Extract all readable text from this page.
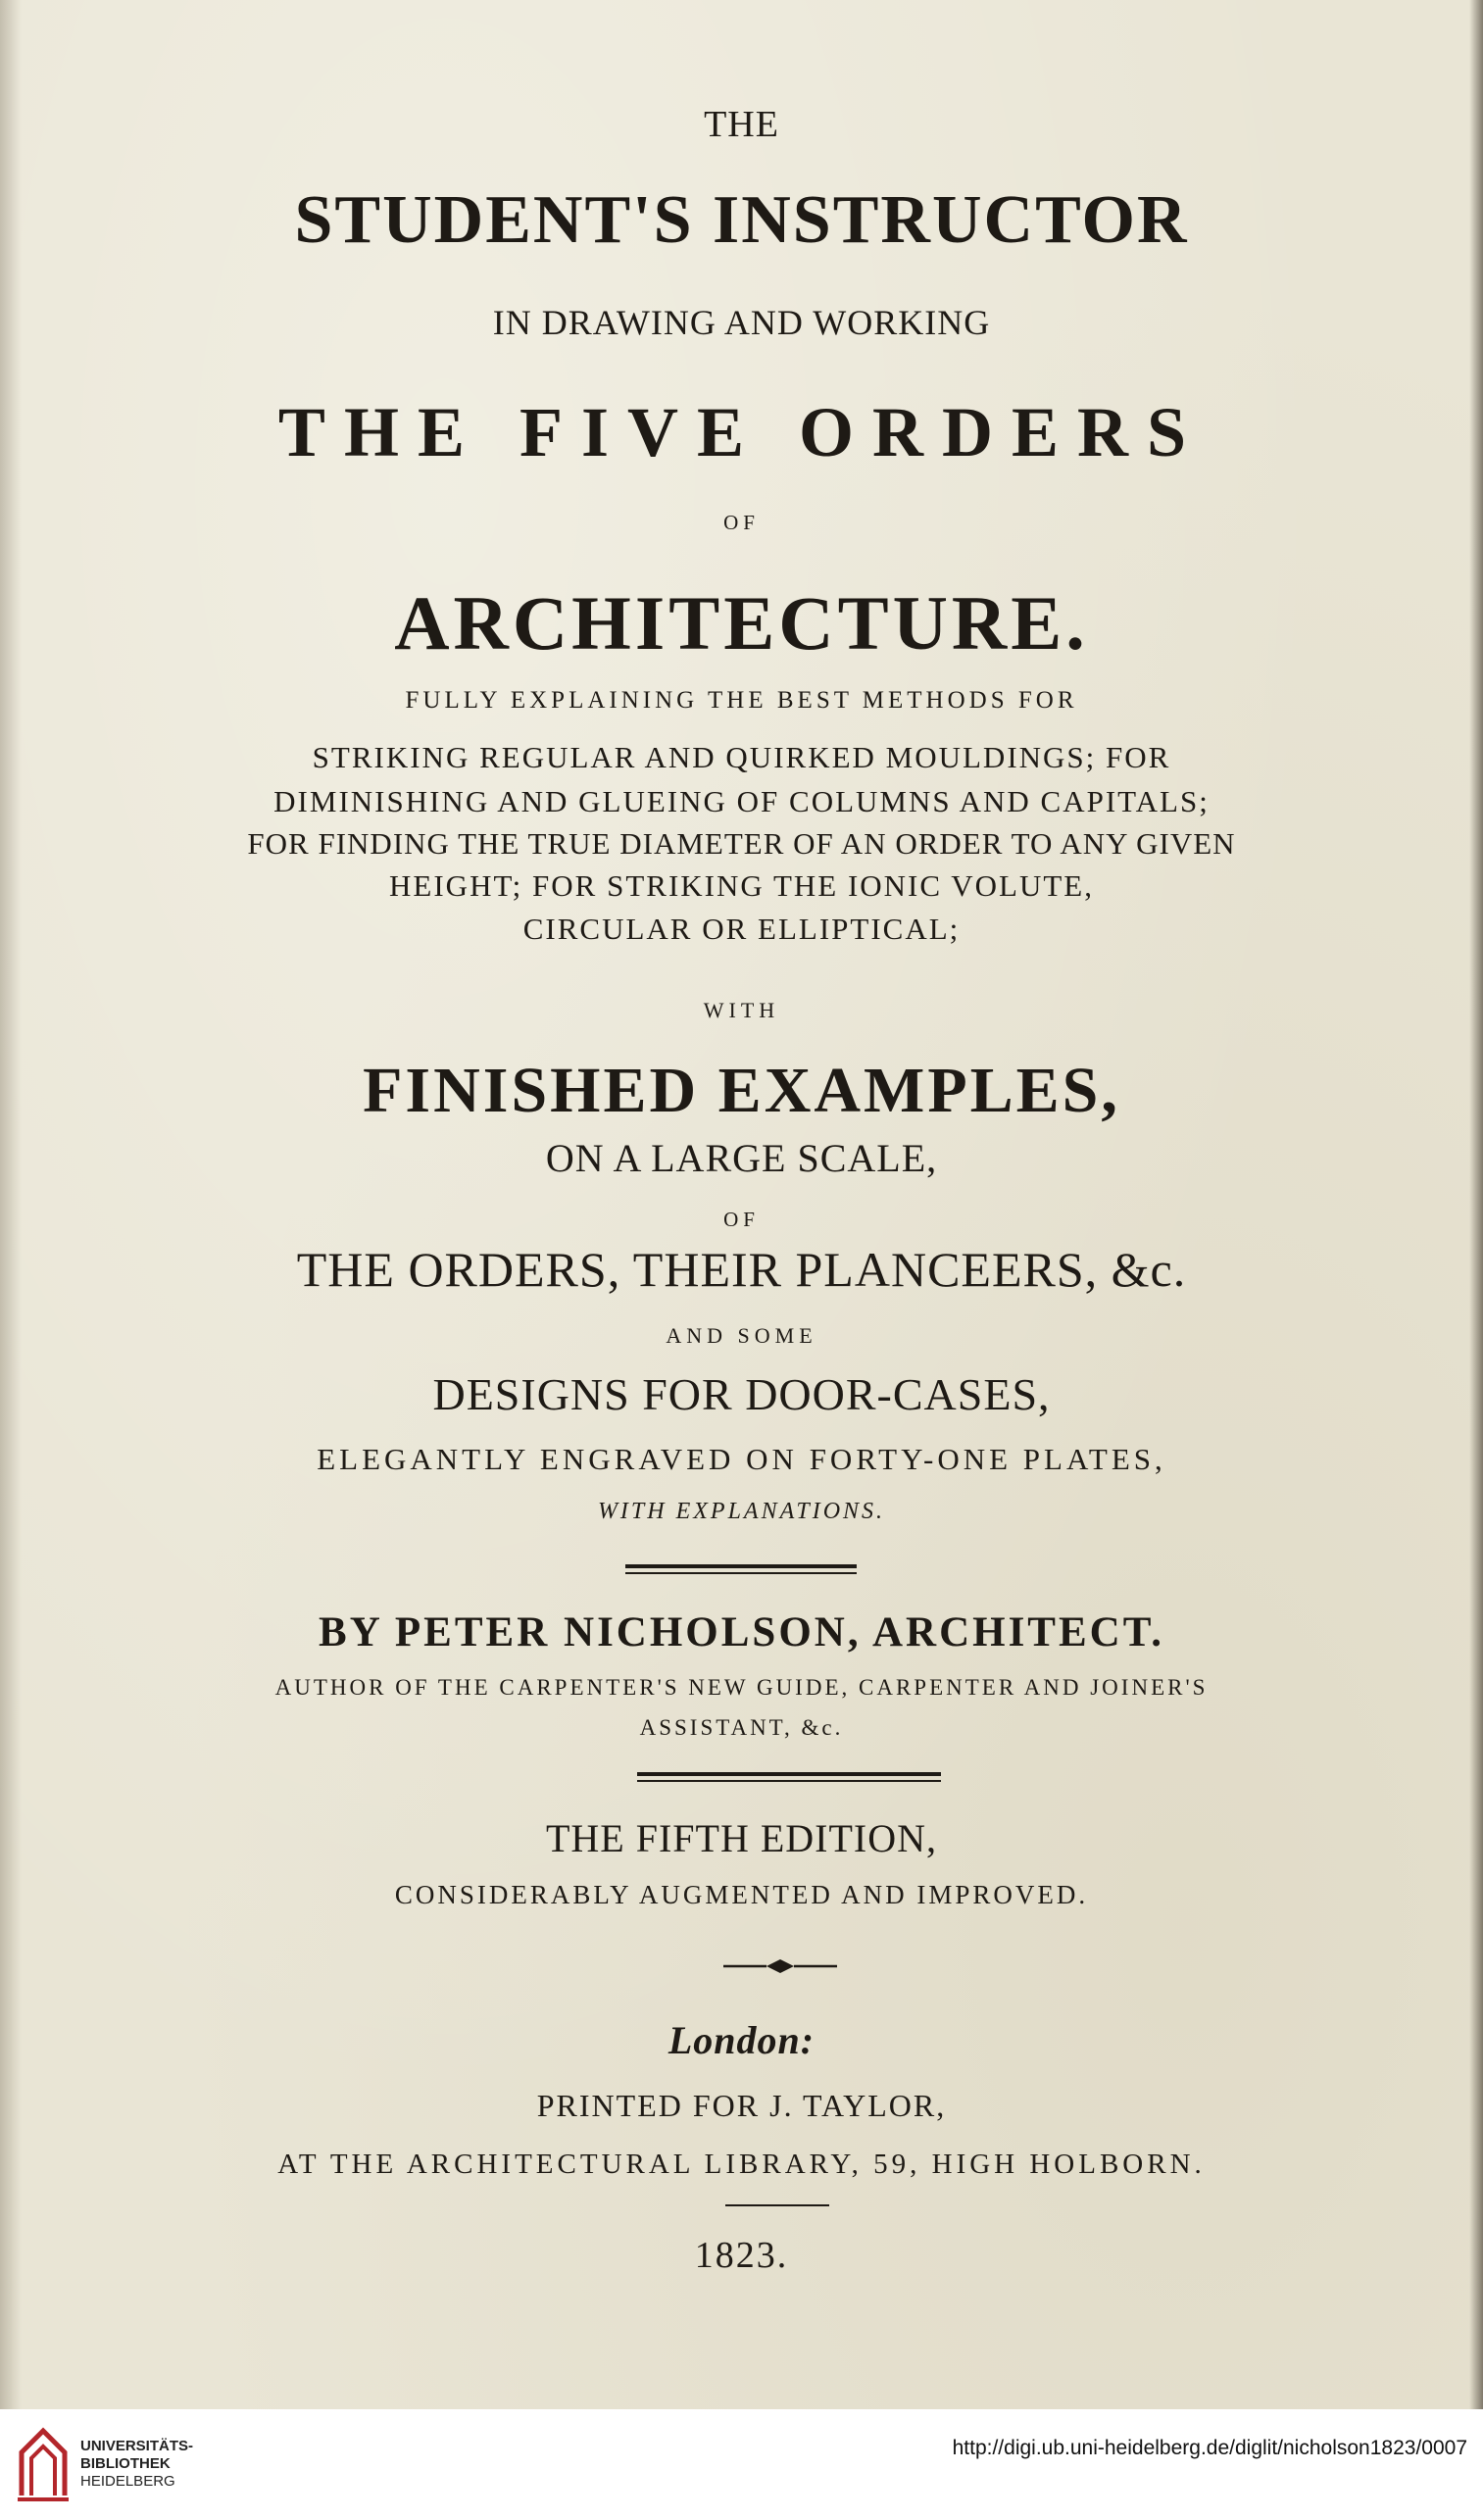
THE
STUDENT'S INSTRUCTOR
IN DRAWING AND WORKING
THE FIVE ORDERS
OF
ARCHITECTURE.
FULLY EXPLAINING THE BEST METHODS FOR
STRIKING REGULAR AND QUIRKED MOULDINGS; FOR
DIMINISHING AND GLUEING OF COLUMNS AND CAPITALS;
FOR FINDING THE TRUE DIAMETER OF AN ORDER TO ANY GIVEN
HEIGHT; FOR STRIKING THE IONIC VOLUTE,
CIRCULAR OR ELLIPTICAL;
WITH
FINISHED EXAMPLES,
ON A LARGE SCALE,
OF
THE ORDERS, THEIR PLANCEERS, &c.
AND SOME
DESIGNS FOR DOOR-CASES,
ELEGANTLY ENGRAVED ON FORTY-ONE PLATES,
WITH EXPLANATIONS.
BY PETER NICHOLSON, ARCHITECT.
AUTHOR OF THE CARPENTER'S NEW GUIDE, CARPENTER AND JOINER'S
ASSISTANT, &c.
THE FIFTH EDITION,
CONSIDERABLY AUGMENTED AND IMPROVED.
London:
PRINTED FOR J. TAYLOR,
AT THE ARCHITECTURAL LIBRARY, 59, HIGH HOLBORN.
1823.
UNIVERSITÄTS-
BIBLIOTHEK
HEIDELBERG
http://digi.ub.uni-heidelberg.de/diglit/nicholson1823/0007
